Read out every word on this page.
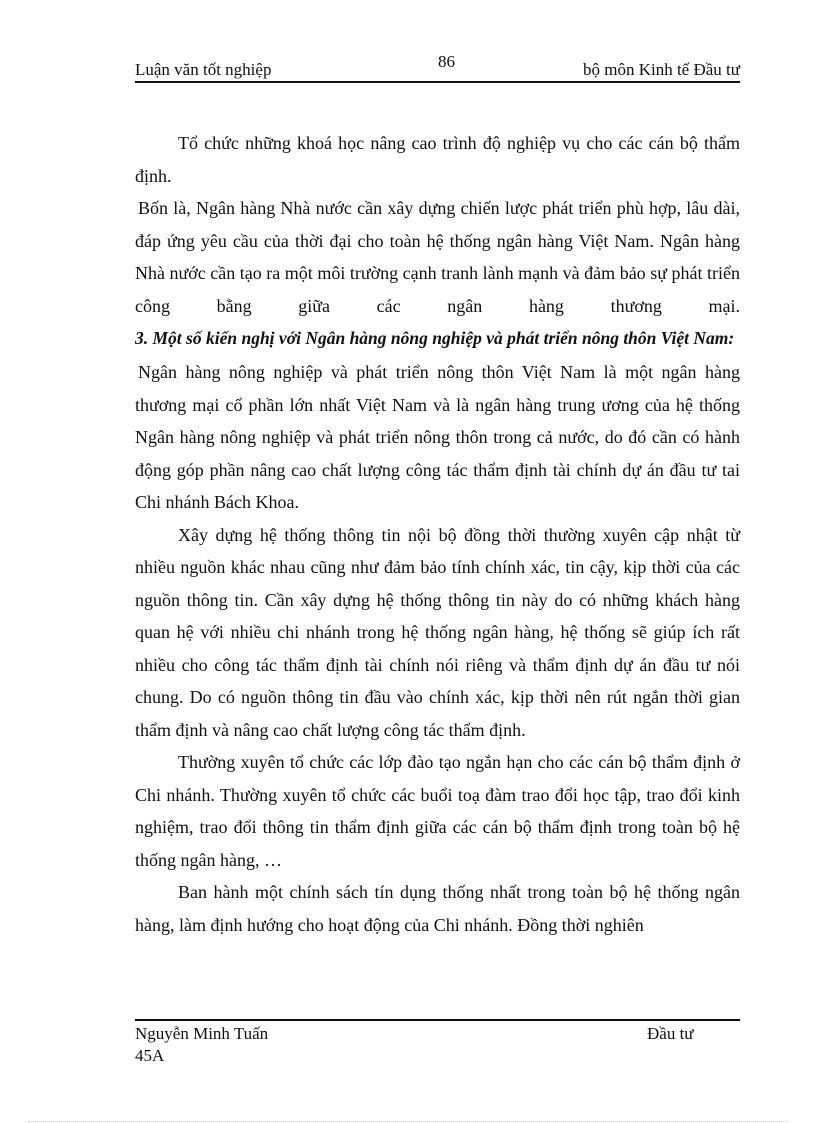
Luận văn tốt nghiệp	86	bộ môn Kinh tế Đầu tư

Tổ chức những khoá học nâng cao trình độ nghiệp vụ cho các cán bộ thẩm định.

Bốn là, Ngân hàng Nhà nước cần xây dựng chiến lược phát triển phù hợp, lâu dài, đáp ứng yêu cầu của thời đại cho toàn hệ thống ngân hàng Việt Nam. Ngân hàng Nhà nước cần tạo ra một môi trường cạnh tranh lành mạnh và đảm bảo sự phát triển công bằng giữa các ngân hàng thương mại.

3. Một số kiến nghị với Ngân hàng nông nghiệp và phát triển nông thôn Việt Nam:

Ngân hàng nông nghiệp và phát triển nông thôn Việt Nam là một ngân hàng thương mại cổ phần lớn nhất Việt Nam và là ngân hàng trung ương của hệ thống Ngân hàng nông nghiệp và phát triển nông thôn trong cả nước, do đó cần có hành động góp phần nâng cao chất lượng công tác thẩm định tài chính dự án đầu tư tai Chi nhánh Bách Khoa.

Xây dựng hệ thống thông tin nội bộ đồng thời thường xuyên cập nhật từ nhiều nguồn khác nhau cũng như đảm bảo tính chính xác, tin cậy, kịp thời của các nguồn thông tin. Cần xây dựng hệ thống thông tin này do có những khách hàng quan hệ với nhiều chi nhánh trong hệ thống ngân hàng, hệ thống sẽ giúp ích rất nhiều cho công tác thẩm định tài chính nói riêng và thẩm định dự án đầu tư nói chung. Do có nguồn thông tin đầu vào chính xác, kịp thời nên rút ngắn thời gian thẩm định và nâng cao chất lượng công tác thẩm định.

Thường xuyên tổ chức các lớp đào tạo ngắn hạn cho các cán bộ thẩm định ở Chi nhánh. Thường xuyên tổ chức các buổi toạ đàm trao đổi học tập, trao đổi kinh nghiệm, trao đổi thông tin thẩm định giữa các cán bộ thẩm định trong toàn bộ hệ thống ngân hàng, …

Ban hành một chính sách tín dụng thống nhất trong toàn bộ hệ thống ngân hàng, làm định hướng cho hoạt động của Chi nhánh. Đồng thời nghiên

Nguyễn Minh Tuấn	Đầu tư
45A
